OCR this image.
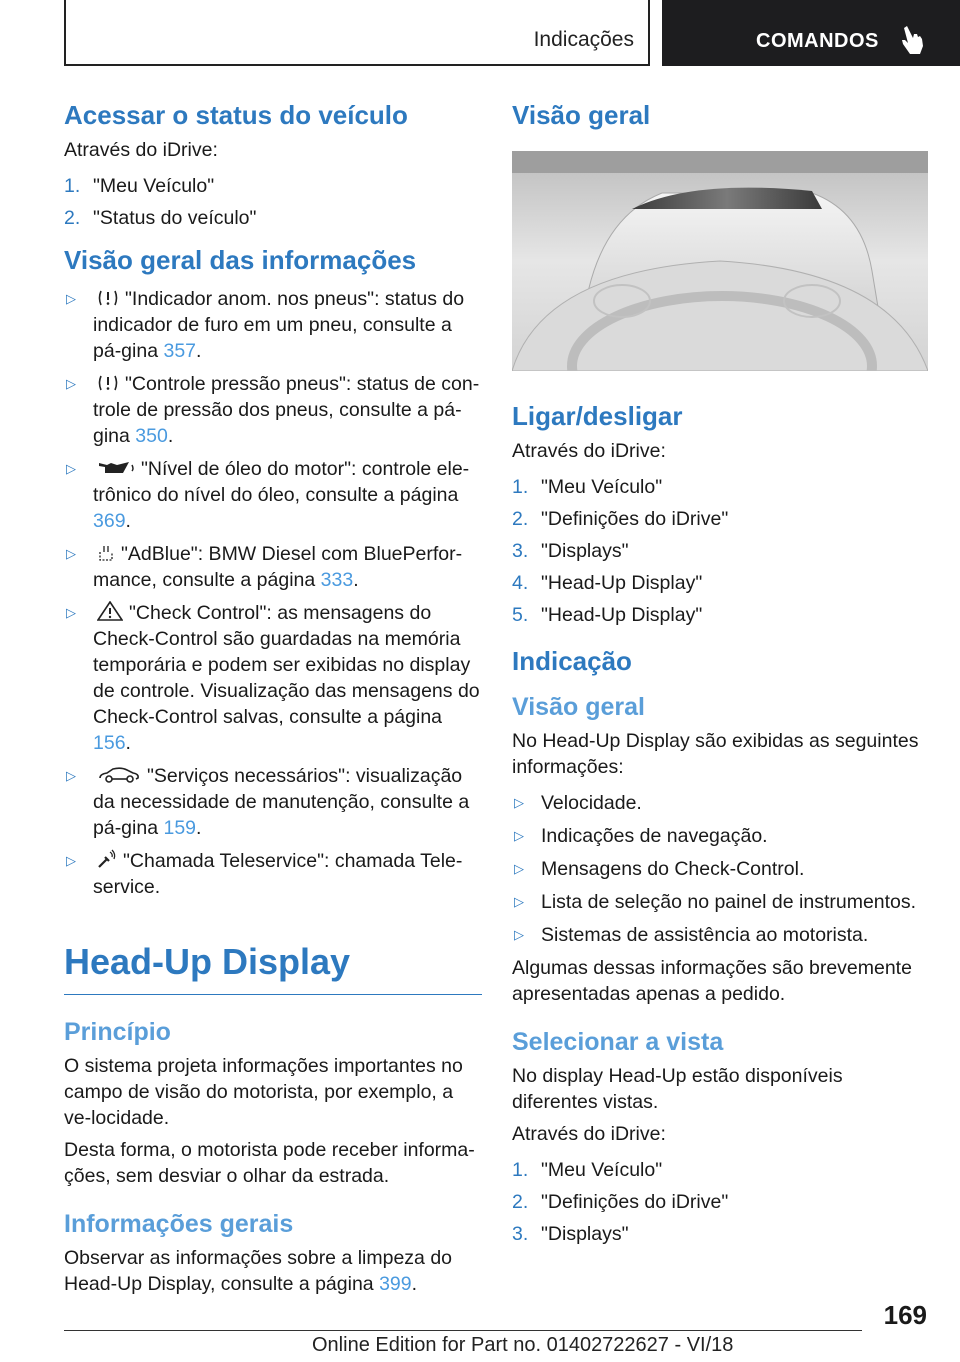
Indicações	COMANDOS
Acessar o status do veículo

Através do iDrive:

1. "Meu Veículo"
2. "Status do veículo"
Visão geral das informações
▷	"Indicador anom. nos pneus": status do indicador de furo em um pneu, consulte a pá-gina 357.
▷	"Controle pressão pneus": status de con-trole de pressão dos pneus, consulte a pá-gina 350.
▷	"Nível de óleo do motor": controle ele-trônico do nível do óleo, consulte a página 369.
▷ "AdBlue": BMW Diesel com BluePerfor-mance, consulte a página 333.
▷	"Check Control": as mensagens do Check-Control são guardadas na memória temporária e podem ser exibidas no display de controle. Visualização das mensagens do Check-Control salvas, consulte a página 156.
▷	"Serviços necessários": visualização da necessidade de manutenção, consulte a pá-gina 159.
▷ "Chamada Teleservice": chamada Tele-service.
Head-Up Display
Princípio

O sistema projeta informações importantes no campo de visão do motorista, por exemplo, a ve-locidade.

Desta forma, o motorista pode receber informa-ções, sem desviar o olhar da estrada.

Informações gerais

Observar as informações sobre a limpeza do Head-Up Display, consulte a página 399.

Visão geral
Ligar/desligar

Através do iDrive:

1. "Meu Veículo"
2. "Definições do iDrive"
3. "Displays"
4. "Head-Up Display"
5. "Head-Up Display"
Indicação
Visão geral

No Head-Up Display são exibidas as seguintes informações:

▷ Velocidade.
▷ Indicações de navegação.
▷ Mensagens do Check-Control.
▷ Lista de seleção no painel de instrumentos.
▷ Sistemas de assistência ao motorista.

Algumas dessas informações são brevemente apresentadas apenas a pedido.

Selecionar a vista

No display Head-Up estão disponíveis diferentes vistas.

Através do iDrive:

1. "Meu Veículo"
2. "Definições do iDrive"
3. "Displays"
169
Online Edition for Part no. 01402722627 - VI/18
